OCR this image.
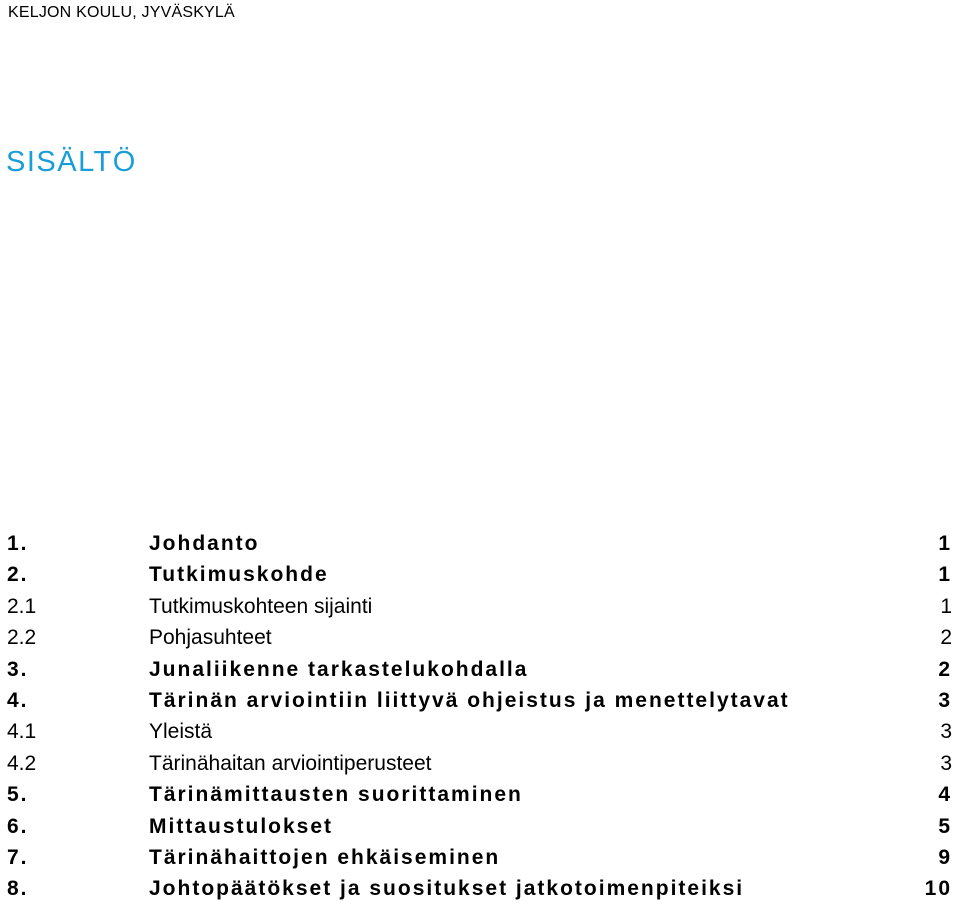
KELJON KOULU, JYVÄSKYLÄ
SISÄLTÖ
1.	Johdanto	1
2.	Tutkimuskohde	1
2.1	Tutkimuskohteen sijainti	1
2.2	Pohjasuhteet	2
3.	Junaliikenne tarkastelukohdalla	2
4.	Tärinän arviointiin liittyvä ohjeistus ja menettelytavat	3
4.1	Yleistä	3
4.2	Tärinähaitan arviointiperusteet	3
5.	Tärinämittausten suorittaminen	4
6.	Mittaustulokset	5
7.	Tärinähaittojen ehkäiseminen	9
8.	Johtopäätökset ja suositukset jatkotoimenpiteiksi	10
